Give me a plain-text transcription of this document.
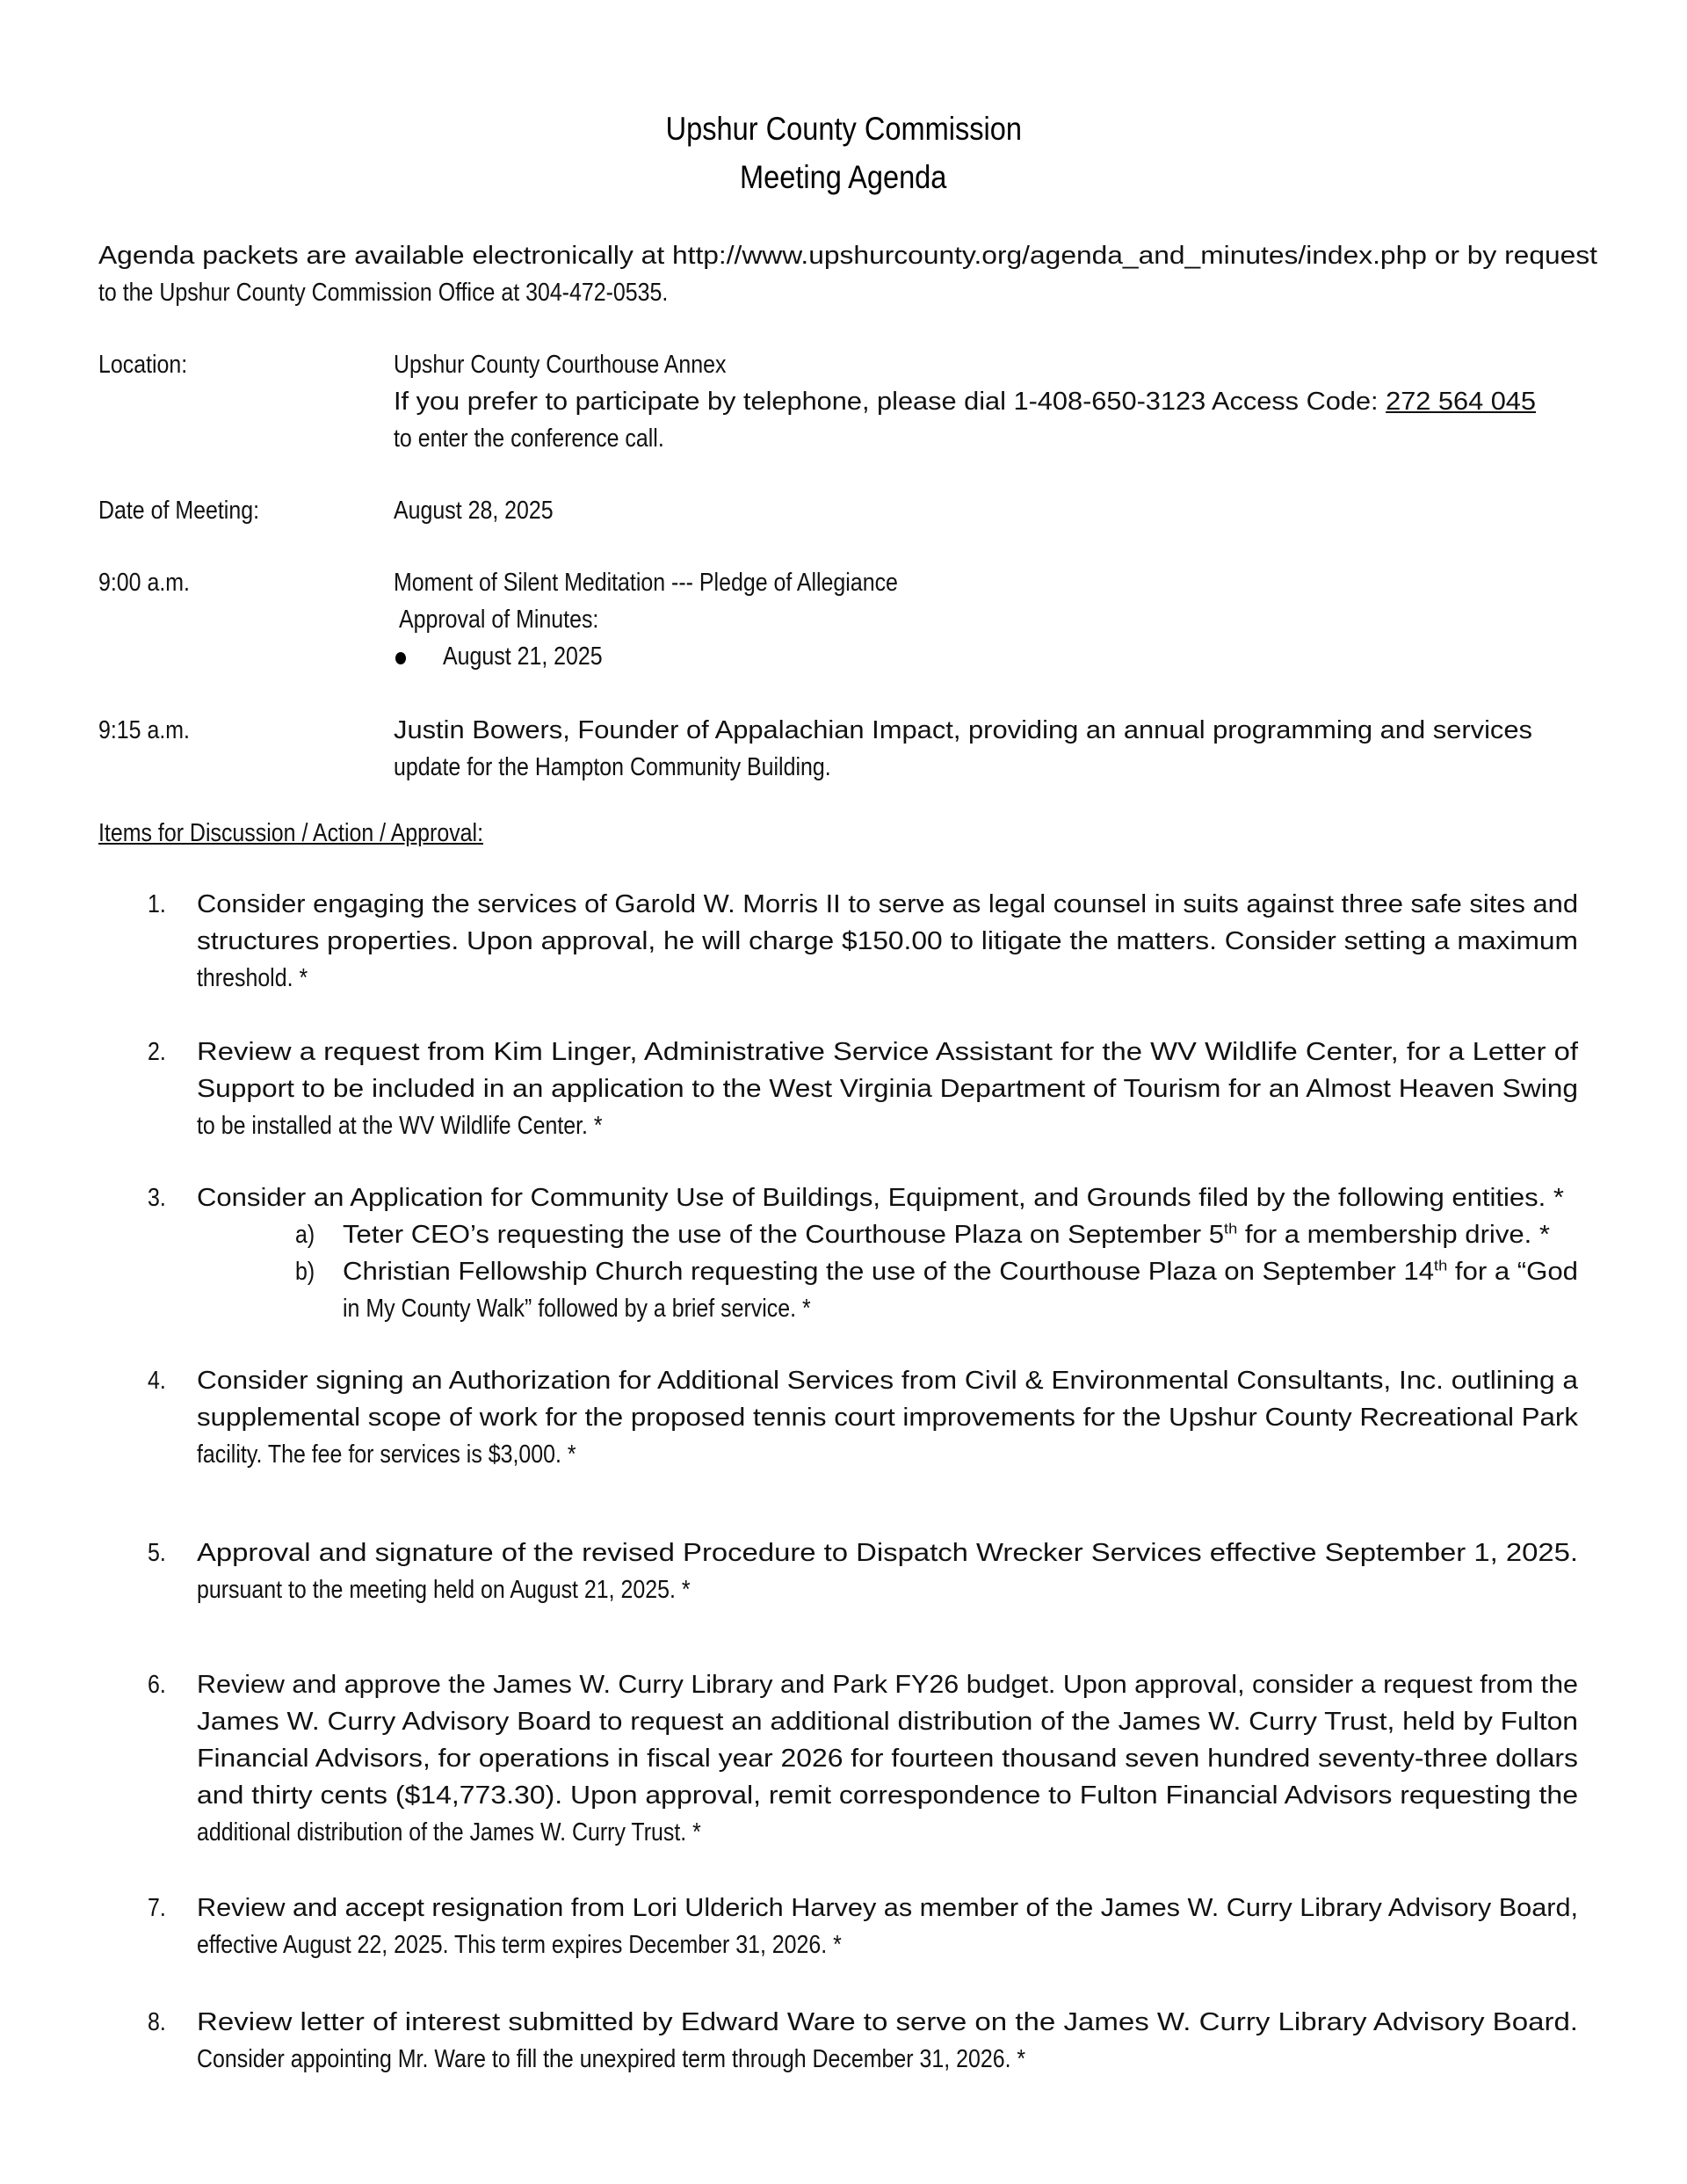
Upshur County Commission
Meeting Agenda
Agenda packets are available electronically at http://www.upshurcounty.org/agenda_and_minutes/index.php or by request
to the Upshur County Commission Office at 304-472-0535.
Location:	Upshur County Courthouse Annex
If you prefer to participate by telephone, please dial 1-408-650-3123 Access Code: 272 564 045
to enter the conference call.
Date of Meeting:	August 28, 2025
9:00 a.m.	Moment of Silent Meditation --- Pledge of Allegiance
Approval of Minutes:
August 21, 2025
9:15 a.m.	Justin Bowers, Founder of Appalachian Impact, providing an annual programming and services
update for the Hampton Community Building.
Items for Discussion / Action / Approval:
1. Consider engaging the services of Garold W. Morris II to serve as legal counsel in suits against three safe sites and
structures properties. Upon approval, he will charge $150.00 to litigate the matters. Consider setting a maximum
threshold. *
2. Review a request from Kim Linger, Administrative Service Assistant for the WV Wildlife Center, for a Letter of
Support to be included in an application to the West Virginia Department of Tourism for an Almost Heaven Swing
to be installed at the WV Wildlife Center. *
3. Consider an Application for Community Use of Buildings, Equipment, and Grounds filed by the following entities. *
a) Teter CEO’s requesting the use of the Courthouse Plaza on September 5th for a membership drive. *
b) Christian Fellowship Church requesting the use of the Courthouse Plaza on September 14th for a “God
in My County Walk” followed by a brief service. *
4. Consider signing an Authorization for Additional Services from Civil & Environmental Consultants, Inc. outlining a
supplemental scope of work for the proposed tennis court improvements for the Upshur County Recreational Park
facility. The fee for services is $3,000. *
5. Approval and signature of the revised Procedure to Dispatch Wrecker Services effective September 1, 2025.
pursuant to the meeting held on August 21, 2025. *
6. Review and approve the James W. Curry Library and Park FY26 budget. Upon approval, consider a request from the
James W. Curry Advisory Board to request an additional distribution of the James W. Curry Trust, held by Fulton
Financial Advisors, for operations in fiscal year 2026 for fourteen thousand seven hundred seventy-three dollars
and thirty cents ($14,773.30). Upon approval, remit correspondence to Fulton Financial Advisors requesting the
additional distribution of the James W. Curry Trust. *
7. Review and accept resignation from Lori Ulderich Harvey as member of the James W. Curry Library Advisory Board,
effective August 22, 2025. This term expires December 31, 2026. *
8. Review letter of interest submitted by Edward Ware to serve on the James W. Curry Library Advisory Board.
Consider appointing Mr. Ware to fill the unexpired term through December 31, 2026. *
